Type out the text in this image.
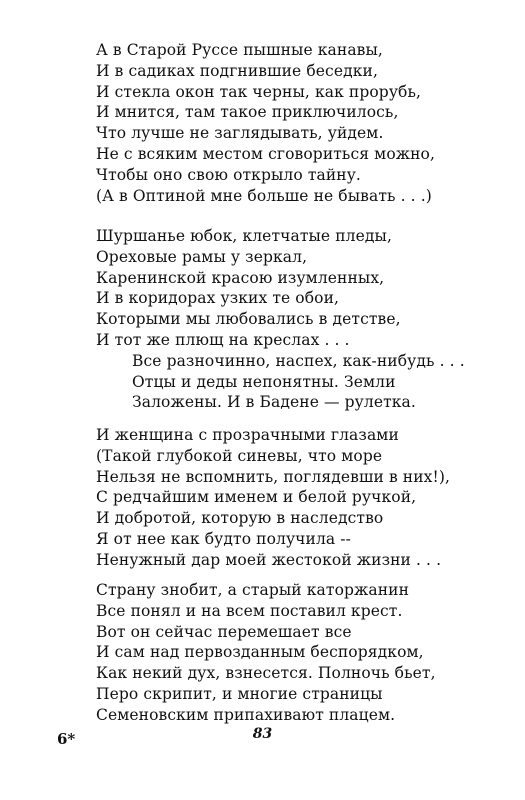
А в Старой Руссе пышные канавы,
И в садиках подгнившие беседки,
И стекла окон так черны, как прорубь,
И мнится, там такое приключилось,
Что лучше не заглядывать, уйдем.
Не с всяким местом сговориться можно,
Чтобы оно свою открыло тайну.
(А в Оптиной мне больше не бывать . . .)
Шуршанье юбок, клетчатые пледы,
Ореховые рамы у зеркал,
Каренинской красою изумленных,
И в коридорах узких те обои,
Которыми мы любовались в детстве,
И тот же плющ на креслах . . .
Все разночинно, наспех, как-нибудь . . .
Отцы и деды непонятны. Земли
Заложены. И в Бадене — рулетка.
И женщина с прозрачными глазами
(Такой глубокой синевы, что море
Нельзя не вспомнить, поглядевши в них!),
С редчайшим именем и белой ручкой,
И добротой, которую в наследство
Я от нее как будто получила --
Ненужный дар моей жестокой жизни . . .
Страну знобит, а старый каторжанин
Все понял и на всем поставил крест.
Вот он сейчас перемешает все
И сам над первозданным беспорядком,
Как некий дух, взнесется. Полночь бьет,
Перо скрипит, и многие страницы
Семеновским припахивают плацем.
6*	83
